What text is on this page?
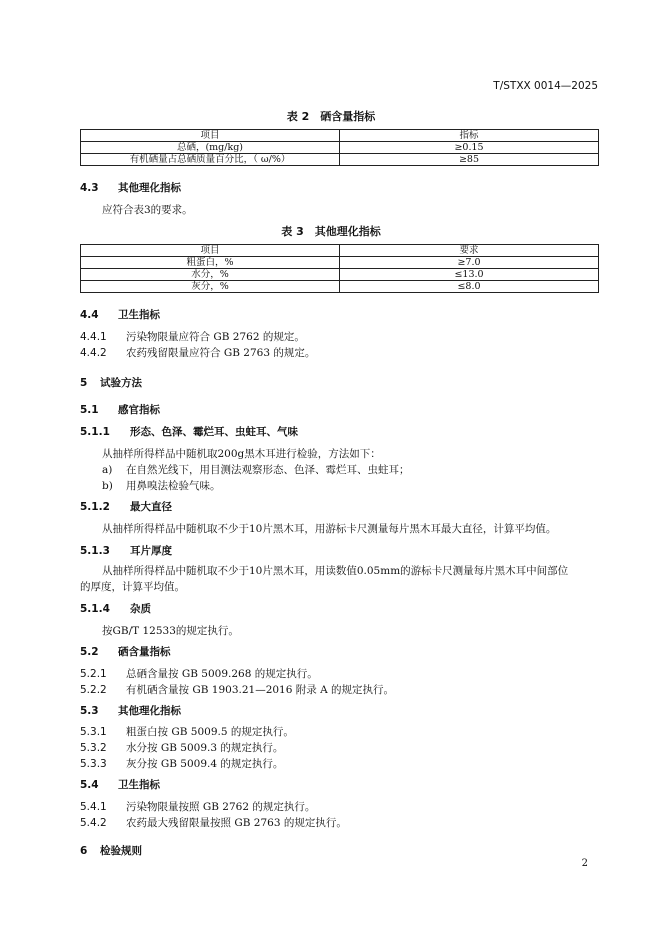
T/STXX 0014—2025
表 2　硒含量指标
项目	指标
总硒，(mg/kg)	≥0.15
有机硒量占总硒质量百分比，（ ω/%）	≥85
4.3 其他理化指标
应符合表3的要求。
表 3　其他理化指标
项目	要求
粗蛋白，%	≥7.0
水分，%	≤13.0
灰分，%	≤8.0
4.4 卫生指标
4.4.1 污染物限量应符合 GB 2762 的规定。
4.4.2 农药残留限量应符合 GB 2763 的规定。
5 试验方法
5.1 感官指标
5.1.1 形态、色泽、霉烂耳、虫蛀耳、气味
从抽样所得样品中随机取200g黑木耳进行检验，方法如下：
a) 在自然光线下，用目测法观察形态、色泽、霉烂耳、虫蛀耳；
b) 用鼻嗅法检验气味。
5.1.2 最大直径
从抽样所得样品中随机取不少于10片黑木耳，用游标卡尺测量每片黑木耳最大直径，计算平均值。
5.1.3 耳片厚度
从抽样所得样品中随机取不少于10片黑木耳，用读数值0.05mm的游标卡尺测量每片黑木耳中间部位
的厚度，计算平均值。
5.1.4 杂质
按GB/T 12533的规定执行。
5.2 硒含量指标
5.2.1 总硒含量按 GB 5009.268 的规定执行。
5.2.2 有机硒含量按 GB 1903.21—2016 附录 A 的规定执行。
5.3 其他理化指标
5.3.1 粗蛋白按 GB 5009.5 的规定执行。
5.3.2 水分按 GB 5009.3 的规定执行。
5.3.3 灰分按 GB 5009.4 的规定执行。
5.4 卫生指标
5.4.1 污染物限量按照 GB 2762 的规定执行。
5.4.2 农药最大残留限量按照 GB 2763 的规定执行。
6 检验规则
2
